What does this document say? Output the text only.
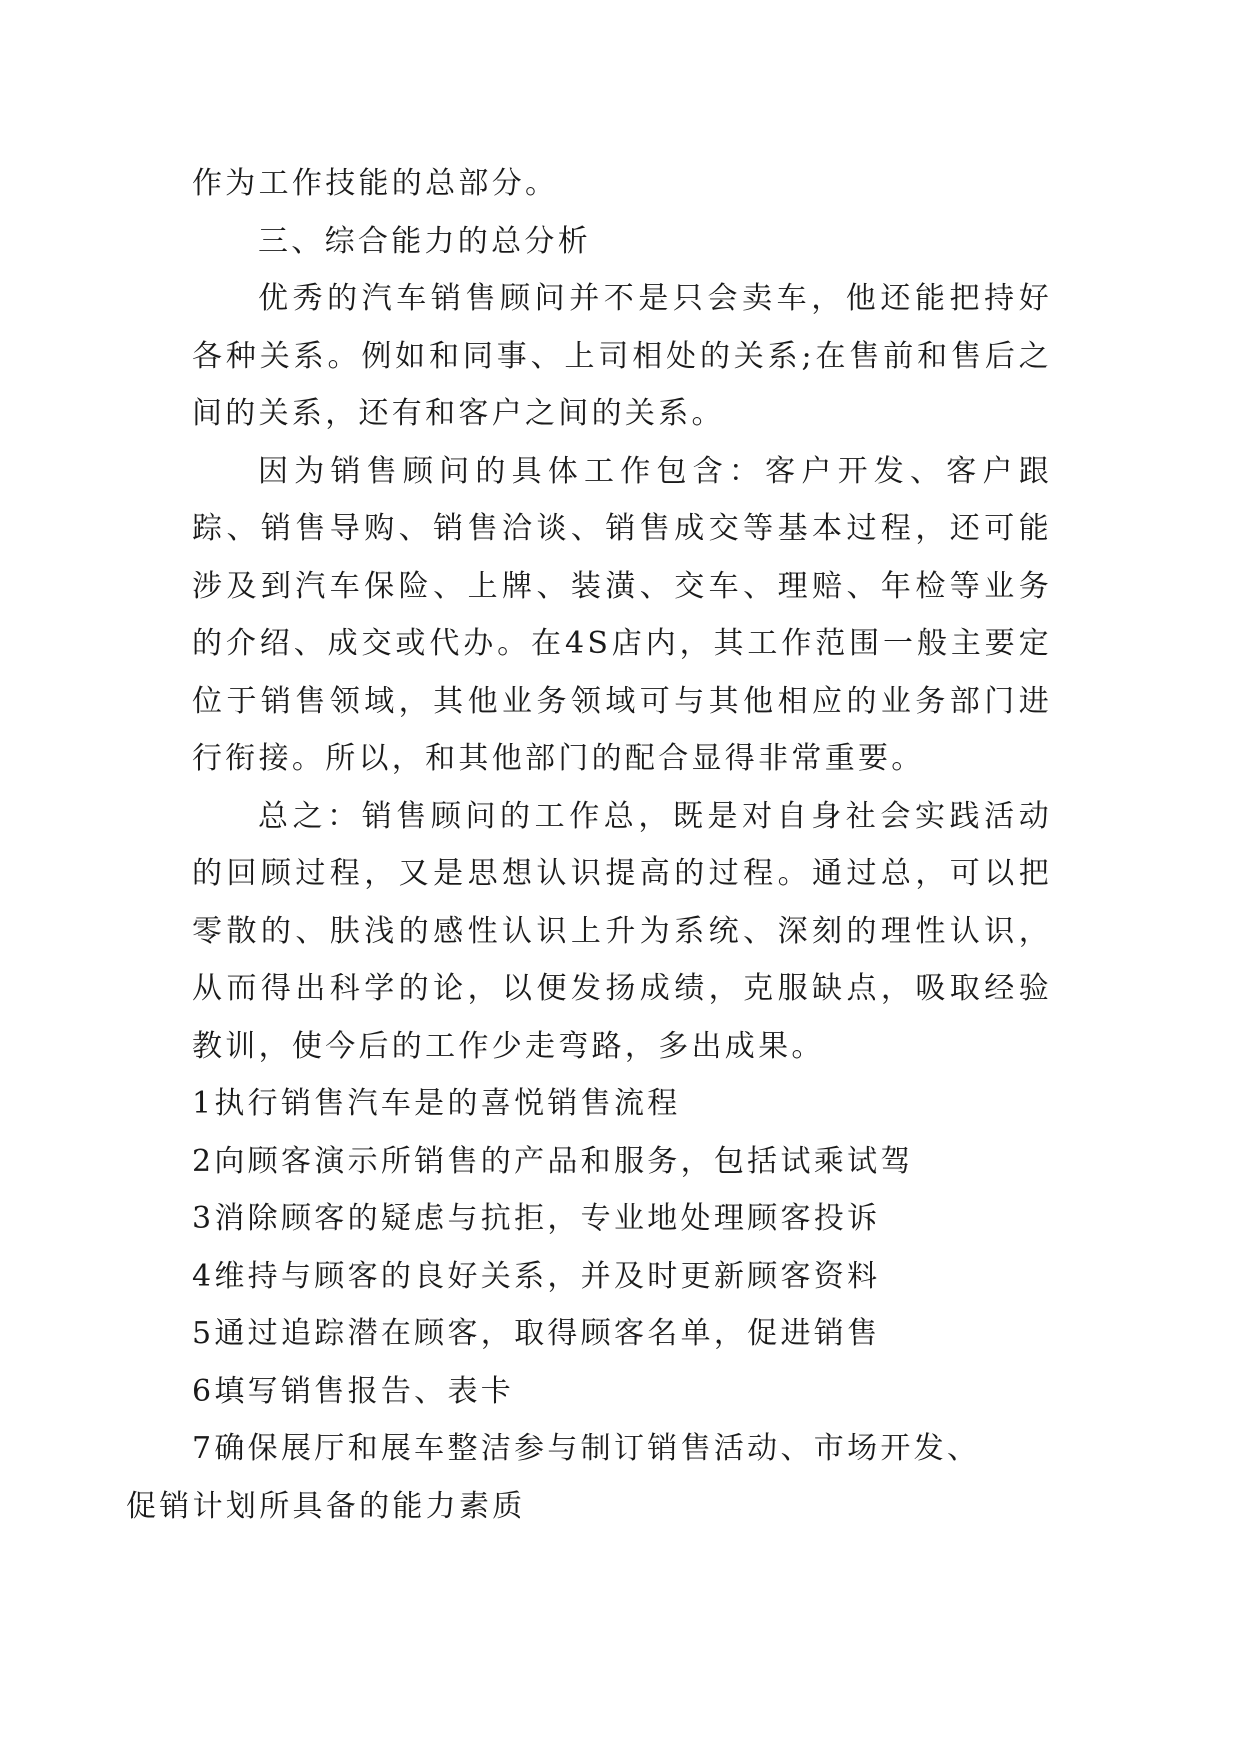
作为工作技能的总部分。

三、综合能力的总分析

优秀的汽车销售顾问并不是只会卖车，他还能把持好各种关系。例如和同事、上司相处的关系;在售前和售后之间的关系，还有和客户之间的关系。

因为销售顾问的具体工作包含：客户开发、客户跟踪、销售导购、销售洽谈、销售成交等基本过程，还可能涉及到汽车保险、上牌、装潢、交车、理赔、年检等业务的介绍、成交或代办。在4S店内，其工作范围一般主要定位于销售领域，其他业务领域可与其他相应的业务部门进行衔接。所以，和其他部门的配合显得非常重要。

总之：销售顾问的工作总，既是对自身社会实践活动的回顾过程，又是思想认识提高的过程。通过总，可以把零散的、肤浅的感性认识上升为系统、深刻的理性认识，从而得出科学的论，以便发扬成绩，克服缺点，吸取经验教训，使今后的工作少走弯路，多出成果。

1执行销售汽车是的喜悦销售流程

2向顾客演示所销售的产品和服务，包括试乘试驾

3消除顾客的疑虑与抗拒，专业地处理顾客投诉

4维持与顾客的良好关系，并及时更新顾客资料

5通过追踪潜在顾客，取得顾客名单，促进销售

6填写销售报告、表卡

7确保展厅和展车整洁参与制订销售活动、市场开发、
促销计划所具备的能力素质
